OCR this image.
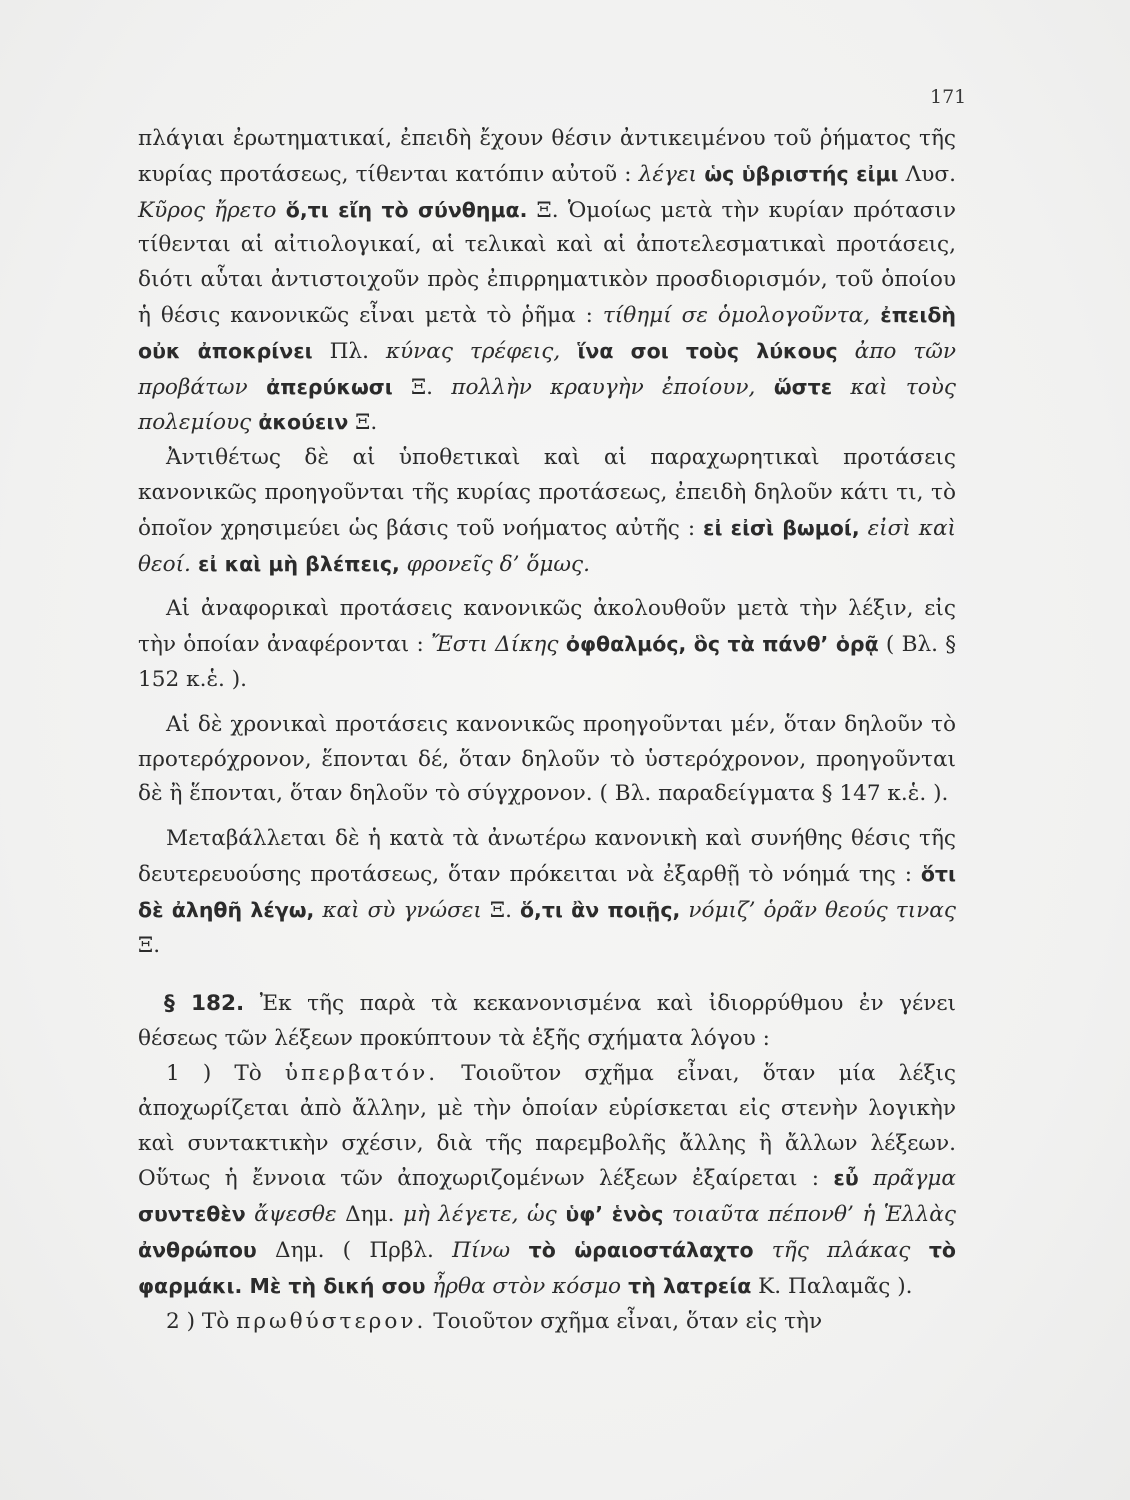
171

πλάγιαι ἐρωτηματικαί, ἐπειδὴ ἔχουν θέσιν ἀντικειμένου τοῦ ῥήματος τῆς κυρίας προτάσεως, τίθενται κατόπιν αὐτοῦ : λέγει ὡς ὑβριστής εἰμι Λυσ. Κῦρος ἤρετο ὅ,τι εἴη τὸ σύνθημα. Ξ. Ὁμοίως μετὰ τὴν κυρίαν πρότασιν τίθενται αἱ αἰτιολογικαί, αἱ τελικαὶ καὶ αἱ ἀποτελεσματικαὶ προτάσεις, διότι αὗται ἀντιστοιχοῦν πρὸς ἐπιρρηματικὸν προσδιορισμόν, τοῦ ὁποίου ἡ θέσις κανονικῶς εἶναι μετὰ τὸ ῥῆμα : τίθημί σε ὁμολογοῦντα, ἐπειδὴ οὐκ ἀποκρίνει Πλ. κύνας τρέφεις, ἵνα σοι τοὺς λύκους ἀπο τῶν προβάτων ἀπερύκωσι Ξ. πολλὴν κραυγὴν ἐποίουν, ὥστε καὶ τοὺς πολεμίους ἀκούειν Ξ.

Ἀντιθέτως δὲ αἱ ὑποθετικαὶ καὶ αἱ παραχωρητικαὶ προτάσεις κανονικῶς προηγοῦνται τῆς κυρίας προτάσεως, ἐπειδὴ δηλοῦν κάτι τι, τὸ ὁποῖον χρησιμεύει ὡς βάσις τοῦ νοήματος αὐτῆς : εἰ εἰσὶ βωμοί, εἰσὶ καὶ θεοί. εἰ καὶ μὴ βλέπεις, φρονεῖς δ’ ὅμως.

Αἱ ἀναφορικαὶ προτάσεις κανονικῶς ἀκολουθοῦν μετὰ τὴν λέξιν, εἰς τὴν ὁποίαν ἀναφέρονται : Ἔστι Δίκης ὀφθαλμός, ὃς τὰ πάνθ’ ὁρᾷ ( Βλ. § 152 κ.ἑ. ).

Αἱ δὲ χρονικαὶ προτάσεις κανονικῶς προηγοῦνται μέν, ὅταν δηλοῦν τὸ προτερόχρονον, ἕπονται δέ, ὅταν δηλοῦν τὸ ὑστερόχρονον, προηγοῦνται δὲ ἢ ἕπονται, ὅταν δηλοῦν τὸ σύγχρονον. ( Βλ. παραδείγματα § 147 κ.ἑ. ).

Μεταβάλλεται δὲ ἡ κατὰ τὰ ἀνωτέρω κανονικὴ καὶ συνήθης θέσις τῆς δευτερευούσης προτάσεως, ὅταν πρόκειται νὰ ἐξαρθῇ τὸ νόημά της : ὅτι δὲ ἀληθῆ λέγω, καὶ σὺ γνώσει Ξ. ὅ,τι ἂν ποιῇς, νόμιζ’ ὁρᾶν θεούς τινας Ξ.

§ 182. Ἐκ τῆς παρὰ τὰ κεκανονισμένα καὶ ἰδιορρύθμου ἐν γένει θέσεως τῶν λέξεων προκύπτουν τὰ ἑξῆς σχήματα λόγου :

1 ) Τὸ ὑπερβατόν. Τοιοῦτον σχῆμα εἶναι, ὅταν μία λέξις ἀποχωρίζεται ἀπὸ ἄλλην, μὲ τὴν ὁποίαν εὑρίσκεται εἰς στενὴν λογικὴν καὶ συντακτικὴν σχέσιν, διὰ τῆς παρεμβολῆς ἄλλης ἢ ἄλλων λέξεων. Οὕτως ἡ ἔννοια τῶν ἀποχωριζομένων λέξεων ἐξαίρεται : εὖ πρᾶγμα συντεθὲν ἄψεσθε Δημ. μὴ λέγετε, ὡς ὑφ’ ἑνὸς τοιαῦτα πέπονθ’ ἡ Ἑλλὰς ἀνθρώπου Δημ. ( Πρβλ. Πίνω τὸ ὡραιοστάλαχτο τῆς πλάκας τὸ φαρμάκι. Μὲ τὴ δική σου ἦρθα στὸν κόσμο τὴ λατρεία Κ. Παλαμᾶς ).

2 ) Τὸ πρωθύστερον. Τοιοῦτον σχῆμα εἶναι, ὅταν εἰς τὴν
